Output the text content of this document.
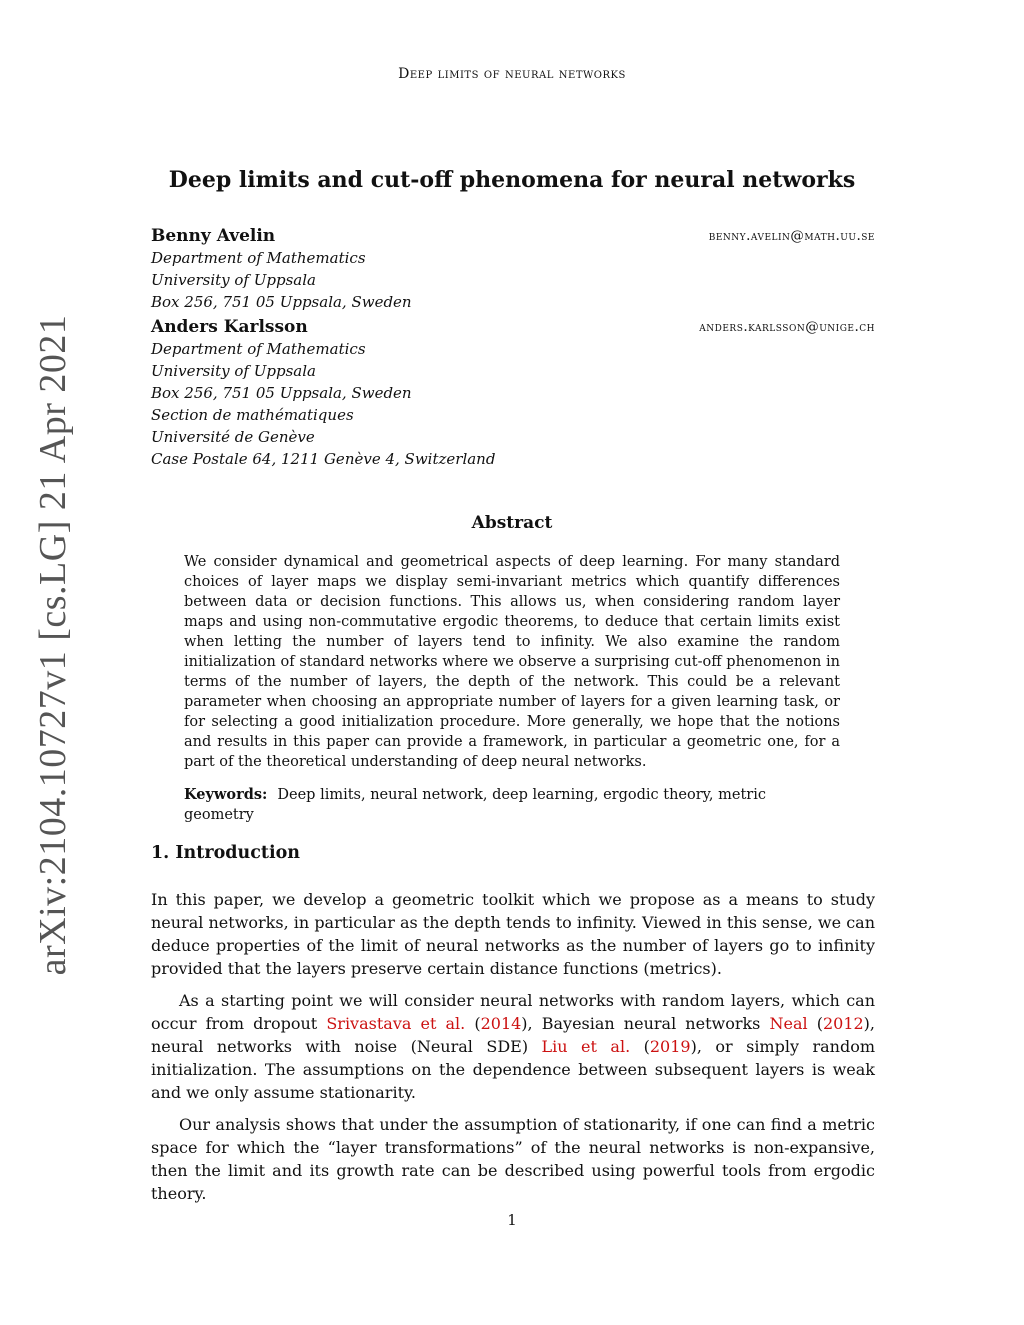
Deep limits of neural networks
Deep limits and cut-off phenomena for neural networks
Benny Avelin	benny.avelin@math.uu.se
Department of Mathematics
University of Uppsala
Box 256, 751 05 Uppsala, Sweden
Anders Karlsson	anders.karlsson@unige.ch
Department of Mathematics
University of Uppsala
Box 256, 751 05 Uppsala, Sweden
Section de mathématiques
Université de Genève
Case Postale 64, 1211 Genève 4, Switzerland
Abstract
We consider dynamical and geometrical aspects of deep learning. For many standard choices of layer maps we display semi-invariant metrics which quantify differences between data or decision functions. This allows us, when considering random layer maps and using non-commutative ergodic theorems, to deduce that certain limits exist when letting the number of layers tend to infinity. We also examine the random initialization of standard networks where we observe a surprising cut-off phenomenon in terms of the number of layers, the depth of the network. This could be a relevant parameter when choosing an appropriate number of layers for a given learning task, or for selecting a good initialization procedure. More generally, we hope that the notions and results in this paper can provide a framework, in particular a geometric one, for a part of the theoretical understanding of deep neural networks.
Keywords: Deep limits, neural network, deep learning, ergodic theory, metric geometry
1. Introduction
In this paper, we develop a geometric toolkit which we propose as a means to study neural networks, in particular as the depth tends to infinity. Viewed in this sense, we can deduce properties of the limit of neural networks as the number of layers go to infinity provided that the layers preserve certain distance functions (metrics).
As a starting point we will consider neural networks with random layers, which can occur from dropout Srivastava et al. (2014), Bayesian neural networks Neal (2012), neural networks with noise (Neural SDE) Liu et al. (2019), or simply random initialization. The assumptions on the dependence between subsequent layers is weak and we only assume stationarity.
Our analysis shows that under the assumption of stationarity, if one can find a metric space for which the “layer transformations” of the neural networks is non-expansive, then the limit and its growth rate can be described using powerful tools from ergodic theory.
1
arXiv:2104.10727v1 [cs.LG] 21 Apr 2021
